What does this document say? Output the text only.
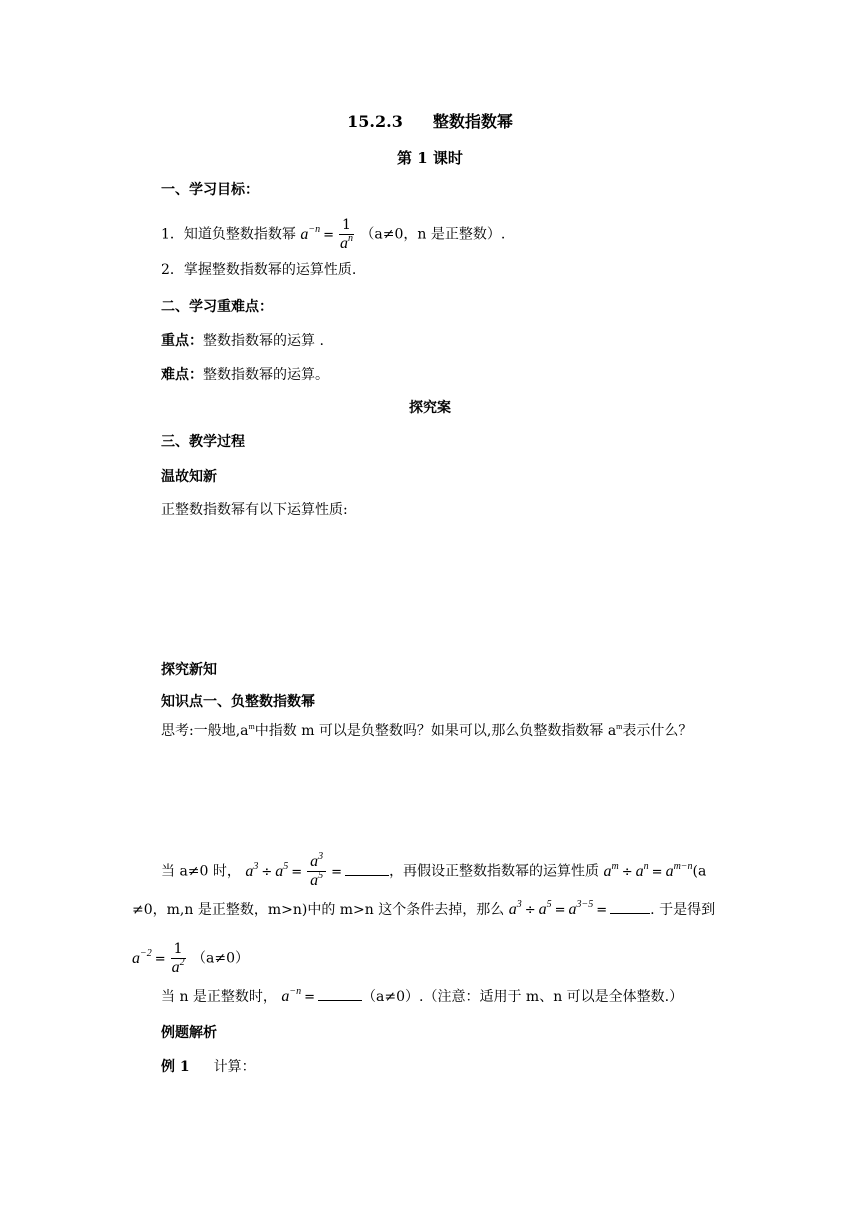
15.2.3 整数指数幂
第 1 课时
一、学习目标：
1．知道负整数指数幂 $a^{-n} = \frac{1}{a^n} (a\ne 0$，n 是正整数）.
2．掌握整数指数幂的运算性质.
二、学习重难点：
重点：整数指数幂的运算 .
难点：整数指数幂的运算。
探究案
三、教学过程
温故知新
正整数指数幂有以下运算性质:
探究新知
知识点一、负整数指数幂
思考:一般地$,a^m$中指数 m 可以是负整数吗？如果可以,那么负整数指数幂 $a^m$表示什么？
当 a≠0 时， $a^3 \div a^5 = \frac{a^3}{a^5}$ =	，再假设正整数指数幂的运算性质 $a^m \div a^n = a^{m-n}(a$
≠0，m,n 是正整数，m>n)中的 m>n 这个条件去掉，那么 $a^3 \div a^5 = a^{3-5}$ =	. 于是得到
$a^{-2} = \frac{1}{a^2} (a\ne 0)$
当 n 是正整数时， $a^{-n}$ =	（a≠0）.（注意：适用于 m、n 可以是全体整数.）
例题解析
例 1 计算：
